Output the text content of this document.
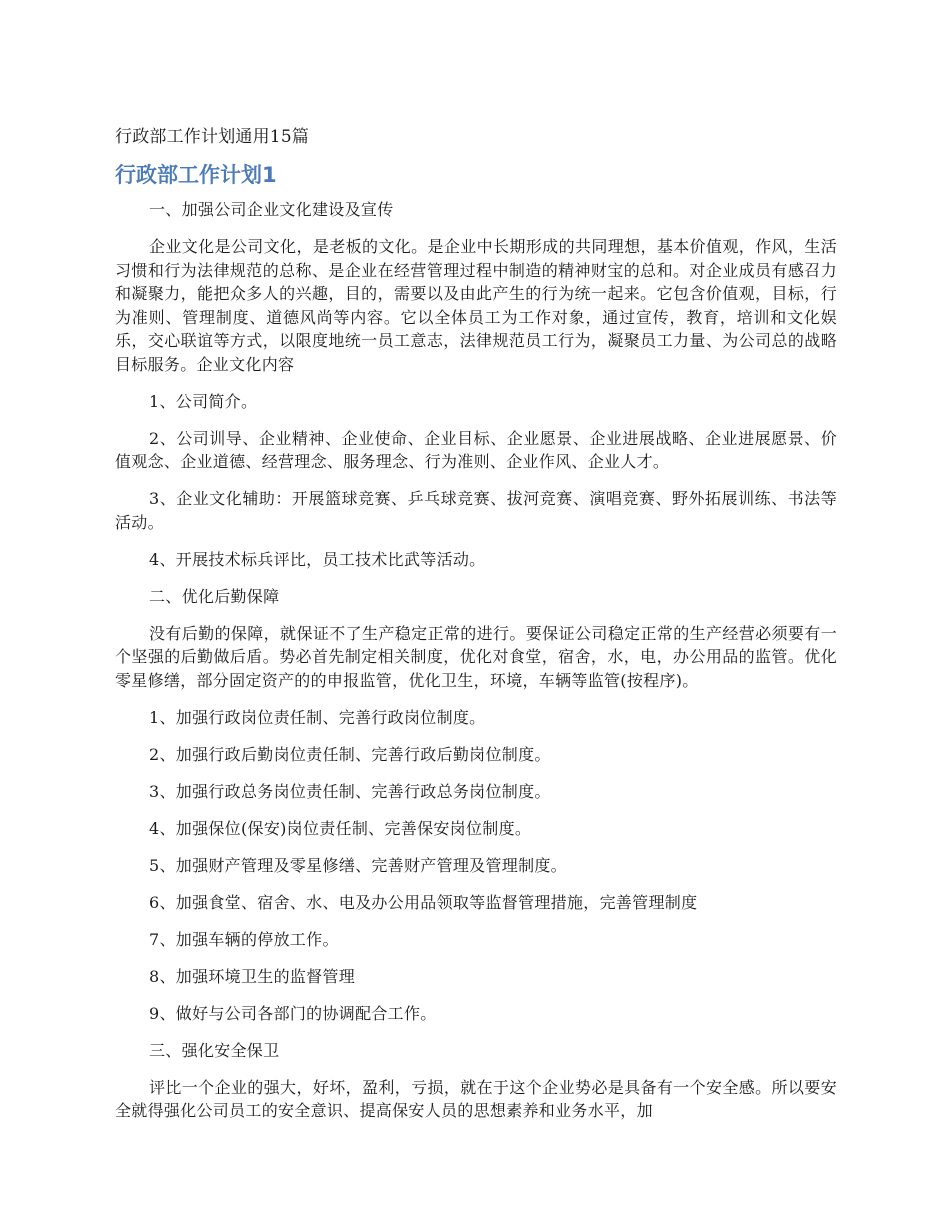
行政部工作计划通用15篇
行政部工作计划1

一、加强公司企业文化建设及宣传

企业文化是公司文化，是老板的文化。是企业中长期形成的共同理想，基本价值观，作风，生活习惯和行为法律规范的总称、是企业在经营管理过程中制造的精神财宝的总和。对企业成员有感召力和凝聚力，能把众多人的兴趣，目的，需要以及由此产生的行为统一起来。它包含价值观，目标，行为准则、管理制度、道德风尚等内容。它以全体员工为工作对象，通过宣传，教育，培训和文化娱乐，交心联谊等方式，以限度地统一员工意志，法律规范员工行为，凝聚员工力量、为公司总的战略目标服务。企业文化内容

1、公司简介。

2、公司训导、企业精神、企业使命、企业目标、企业愿景、企业进展战略、企业进展愿景、价值观念、企业道德、经营理念、服务理念、行为准则、企业作风、企业人才。

3、企业文化辅助：开展篮球竞赛、乒乓球竞赛、拔河竞赛、演唱竞赛、野外拓展训练、书法等活动。

4、开展技术标兵评比，员工技术比武等活动。

二、优化后勤保障

没有后勤的保障，就保证不了生产稳定正常的进行。要保证公司稳定正常的生产经营必须要有一个坚强的后勤做后盾。势必首先制定相关制度，优化对食堂，宿舍，水，电，办公用品的监管。优化零星修缮，部分固定资产的的申报监管，优化卫生，环境，车辆等监管(按程序)。

1、加强行政岗位责任制、完善行政岗位制度。

2、加强行政后勤岗位责任制、完善行政后勤岗位制度。

3、加强行政总务岗位责任制、完善行政总务岗位制度。

4、加强保位(保安)岗位责任制、完善保安岗位制度。

5、加强财产管理及零星修缮、完善财产管理及管理制度。

6、加强食堂、宿舍、水、电及办公用品领取等监督管理措施，完善管理制度

7、加强车辆的停放工作。

8、加强环境卫生的监督管理

9、做好与公司各部门的协调配合工作。

三、强化安全保卫

评比一个企业的强大，好坏，盈利，亏损，就在于这个企业势必是具备有一个安全感。所以要安全就得强化公司员工的安全意识、提高保安人员的思想素养和业务水平，加
